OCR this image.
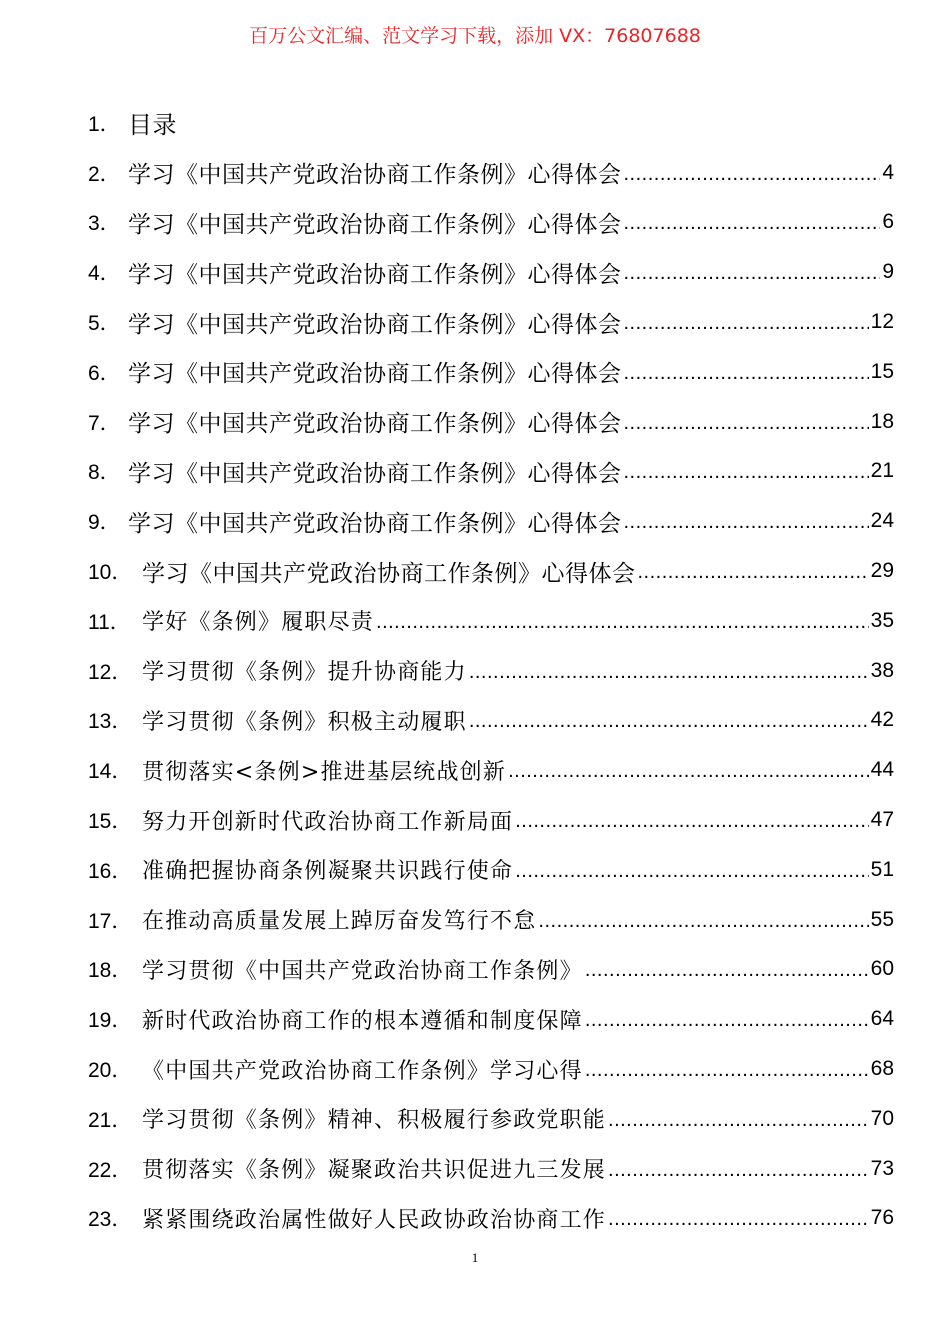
百万公文汇编、范文学习下载，添加 VX：76807688
1． 目录
2． 学习《中国共产党政治协商工作条例》心得体会 .....	4
3． 学习《中国共产党政治协商工作条例》心得体会 .....	6
4． 学习《中国共产党政治协商工作条例》心得体会 .....	9
5． 学习《中国共产党政治协商工作条例》心得体会 .....	12
6． 学习《中国共产党政治协商工作条例》心得体会 .....	15
7． 学习《中国共产党政治协商工作条例》心得体会 .....	18
8． 学习《中国共产党政治协商工作条例》心得体会 .....	21
9． 学习《中国共产党政治协商工作条例》心得体会 .....	24
10． 学习《中国共产党政治协商工作条例》心得体会 .....	29
11． 学好《条例》履职尽责 .....	35
12． 学习贯彻《条例》提升协商能力 .....	38
13． 学习贯彻《条例》积极主动履职 .....	42
14． 贯彻落实<条例>推进基层统战创新 .....	44
15． 努力开创新时代政治协商工作新局面 .....	47
16． 准确把握协商条例凝聚共识践行使命 .....	51
17． 在推动高质量发展上踔厉奋发笃行不怠 .....	55
18． 学习贯彻《中国共产党政治协商工作条例》 .....	60
19． 新时代政治协商工作的根本遵循和制度保障 .....	64
20． 《中国共产党政治协商工作条例》学习心得 .....	68
21． 学习贯彻《条例》精神、积极履行参政党职能 .....	70
22． 贯彻落实《条例》凝聚政治共识促进九三发展 .....	73
23． 紧紧围绕政治属性做好人民政协政治协商工作 .....	76
1
